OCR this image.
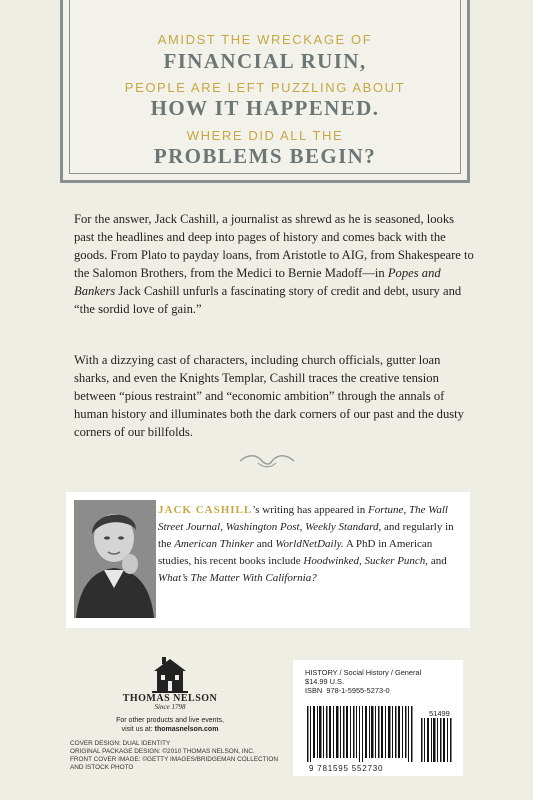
AMIDST THE WRECKAGE OF
FINANCIAL RUIN,
PEOPLE ARE LEFT PUZZLING ABOUT
HOW IT HAPPENED.
WHERE DID ALL THE
PROBLEMS BEGIN?

For the answer, Jack Cashill, a journalist as shrewd as he is seasoned, looks past the headlines and deep into pages of history and comes back with the goods. From Plato to payday loans, from Aristotle to AIG, from Shakespeare to the Salomon Brothers, from the Medici to Bernie Madoff—in Popes and Bankers Jack Cashill unfurls a fascinating story of credit and debt, usury and “the sordid love of gain.”

With a dizzying cast of characters, including church officials, gutter loan sharks, and even the Knights Templar, Cashill traces the creative tension between “pious restraint” and “economic ambition” through the annals of human history and illuminates both the dark corners of our past and the dusty corners of our billfolds.

JACK CASHILL’s writing has appeared in Fortune, The Wall Street Journal, Washington Post, Weekly Standard, and regularly in the American Thinker and WorldNetDaily. A PhD in American studies, his recent books include Hoodwinked, Sucker Punch, and What’s The Matter With California?
THOMAS NELSON
Since 1798
For other products and live events,
visit us at: thomasnelson.com
COVER DESIGN: DUAL IDENTITY
ORIGINAL PACKAGE DESIGN: ©2010 THOMAS NELSON, INC.
FRONT COVER IMAGE: ©GETTY IMAGES/BRIDGEMAN COLLECTION
AND ISTOCK PHOTO
HISTORY / Social History / General
$14.99 U.S.
ISBN 978-1-5955-5273-0
51499
9 781595 552730
